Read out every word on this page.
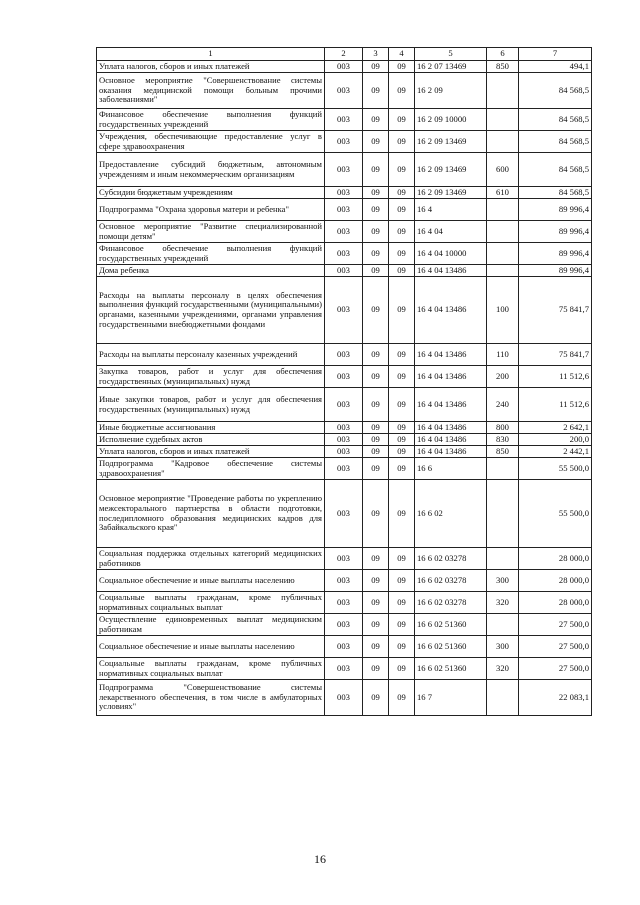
1	2	3	4	5	6	7
Уплата налогов, сборов и иных платежей	003	09	09	16 2 07 13469	850	494,1
Основное мероприятие "Совершенствование системы оказания медицинской помощи больным прочими заболеваниями"	003	09	09	16 2 09		84 568,5
Финансовое обеспечение выполнения функций государственных учреждений	003	09	09	16 2 09 10000		84 568,5
Учреждения, обеспечивающие предоставление услуг в сфере здравоохранения	003	09	09	16 2 09 13469		84 568,5
Предоставление субсидий бюджетным, автономным учреждениям и иным некоммерческим организациям	003	09	09	16 2 09 13469	600	84 568,5
Субсидии бюджетным учреждениям	003	09	09	16 2 09 13469	610	84 568,5
Подпрограмма "Охрана здоровья матери и ребенка"	003	09	09	16 4		89 996,4
Основное мероприятие "Развитие специализированной помощи детям"	003	09	09	16 4 04		89 996,4
Финансовое обеспечение выполнения функций государственных учреждений	003	09	09	16 4 04 10000		89 996,4
Дома ребенка	003	09	09	16 4 04 13486		89 996,4
Расходы на выплаты персоналу в целях обеспечения выполнения функций государственными (муниципальными) органами, казенными учреждениями, органами управления государственными внебюджетными фондами	003	09	09	16 4 04 13486	100	75 841,7
Расходы на выплаты персоналу казенных учреждений	003	09	09	16 4 04 13486	110	75 841,7
Закупка товаров, работ и услуг для обеспечения государственных (муниципальных) нужд	003	09	09	16 4 04 13486	200	11 512,6
Иные закупки товаров, работ и услуг для обеспечения государственных (муниципальных) нужд	003	09	09	16 4 04 13486	240	11 512,6
Иные бюджетные ассигнования	003	09	09	16 4 04 13486	800	2 642,1
Исполнение судебных актов	003	09	09	16 4 04 13486	830	200,0
Уплата налогов, сборов и иных платежей	003	09	09	16 4 04 13486	850	2 442,1
Подпрограмма "Кадровое обеспечение системы здравоохранения"	003	09	09	16 6		55 500,0
Основное мероприятие "Проведение работы по укреплению межсекторального партнерства в области подготовки, последипломного образования медицинских кадров для Забайкальского края"	003	09	09	16 6 02		55 500,0
Социальная поддержка отдельных категорий медицинских работников	003	09	09	16 6 02 03278		28 000,0
Социальное обеспечение и иные выплаты населению	003	09	09	16 6 02 03278	300	28 000,0
Социальные выплаты гражданам, кроме публичных нормативных социальных выплат	003	09	09	16 6 02 03278	320	28 000,0
Осуществление единовременных выплат медицинским работникам	003	09	09	16 6 02 51360		27 500,0
Социальное обеспечение и иные выплаты населению	003	09	09	16 6 02 51360	300	27 500,0
Социальные выплаты гражданам, кроме публичных нормативных социальных выплат	003	09	09	16 6 02 51360	320	27 500,0
Подпрограмма "Совершенствование системы лекарственного обеспечения, в том числе в амбулаторных условиях"	003	09	09	16 7		22 083,1
16
